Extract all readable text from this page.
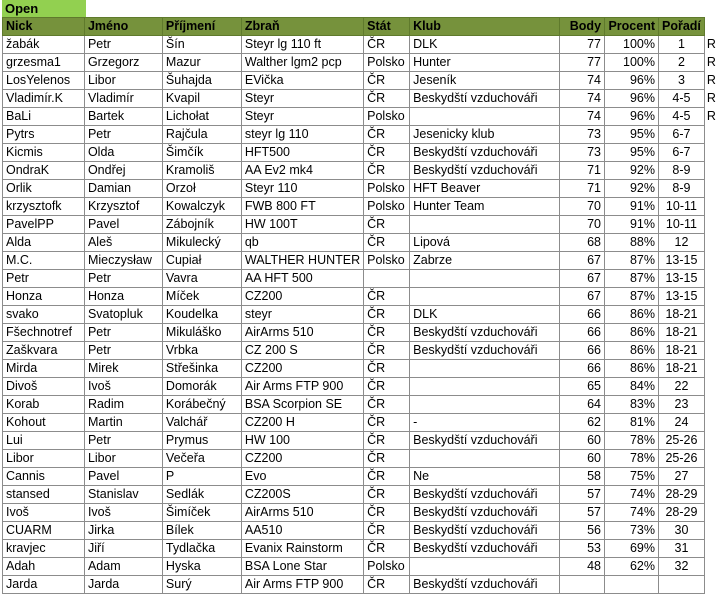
Open
Nick	Jméno	Příjmení	Zbraň	Stát	Klub	Body	Procent	Pořadí	
žabák	Petr	Šín	Steyr lg 110 ft	ČR	DLK	77	100%	1	R
grzesma1	Grzegorz	Mazur	Walther lgm2 pcp	Polsko	Hunter	77	100%	2	R
LosYelenos	Libor	Šuhajda	EVička	ČR	Jeseník	74	96%	3	R
Vladimír.K	Vladimír	Kvapil	Steyr	ČR	Beskydští vzduchováři	74	96%	4-5	R
BaLi	Bartek	Lichołat	Steyr	Polsko		74	96%	4-5	R
Pytrs	Petr	Rajčula	steyr lg 110	ČR	Jesenicky klub	73	95%	6-7	
Kicmis	Olda	Šimčík	HFT500	ČR	Beskydští vzduchováři	73	95%	6-7	
OndraK	Ondřej	Kramoliš	AA Ev2 mk4	ČR	Beskydští vzduchováři	71	92%	8-9	
Orlik	Damian	Orzoł	Steyr 110	Polsko	HFT Beaver	71	92%	8-9	
krzysztofk	Krzysztof	Kowalczyk	FWB 800 FT	Polsko	Hunter Team	70	91%	10-11	
PavelPP	Pavel	Zábojník	HW 100T	ČR		70	91%	10-11	
Alda	Aleš	Mikulecký	qb	ČR	Lipová	68	88%	12	
M.C.	Mieczysław	Cupiał	WALTHER HUNTER	Polsko	Zabrze	67	87%	13-15	
Petr	Petr	Vavra	AA HFT 500			67	87%	13-15	
Honza	Honza	Míček	CZ200	ČR		67	87%	13-15	
svako	Svatopluk	Koudelka	steyr	ČR	DLK	66	86%	18-21	
Fšechnotref	Petr	Mikuláško	AirArms 510	ČR	Beskydští vzduchováři	66	86%	18-21	
Zaškvara	Petr	Vrbka	CZ 200 S	ČR	Beskydští vzduchováři	66	86%	18-21	
Mirda	Mirek	Střešinka	CZ200	ČR		66	86%	18-21	
Divoš	Ivoš	Domorák	Air Arms FTP 900	ČR		65	84%	22	
Korab	Radim	Korábečný	BSA Scorpion SE	ČR		64	83%	23	
Kohout	Martin	Valchář	CZ200 H	ČR	-	62	81%	24	
Lui	Petr	Prymus	HW 100	ČR	Beskydští vzduchováři	60	78%	25-26	
Libor	Libor	Večeřa	CZ200	ČR		60	78%	25-26	
Cannis	Pavel	P	Evo	ČR	Ne	58	75%	27	
stansed	Stanislav	Sedlák	CZ200S	ČR	Beskydští vzduchováři	57	74%	28-29	
Ivoš	Ivoš	Šimíček	AirArms 510	ČR	Beskydští vzduchováři	57	74%	28-29	
CUARM	Jirka	Bílek	AA510	ČR	Beskydští vzduchováři	56	73%	30	
kravjec	Jiří	Tydlačka	Evanix Rainstorm	ČR	Beskydští vzduchováři	53	69%	31	
Adah	Adam	Hyska	BSA Lone Star	Polsko		48	62%	32	
Jarda	Jarda	Surý	Air Arms FTP 900	ČR	Beskydští vzduchováři				
